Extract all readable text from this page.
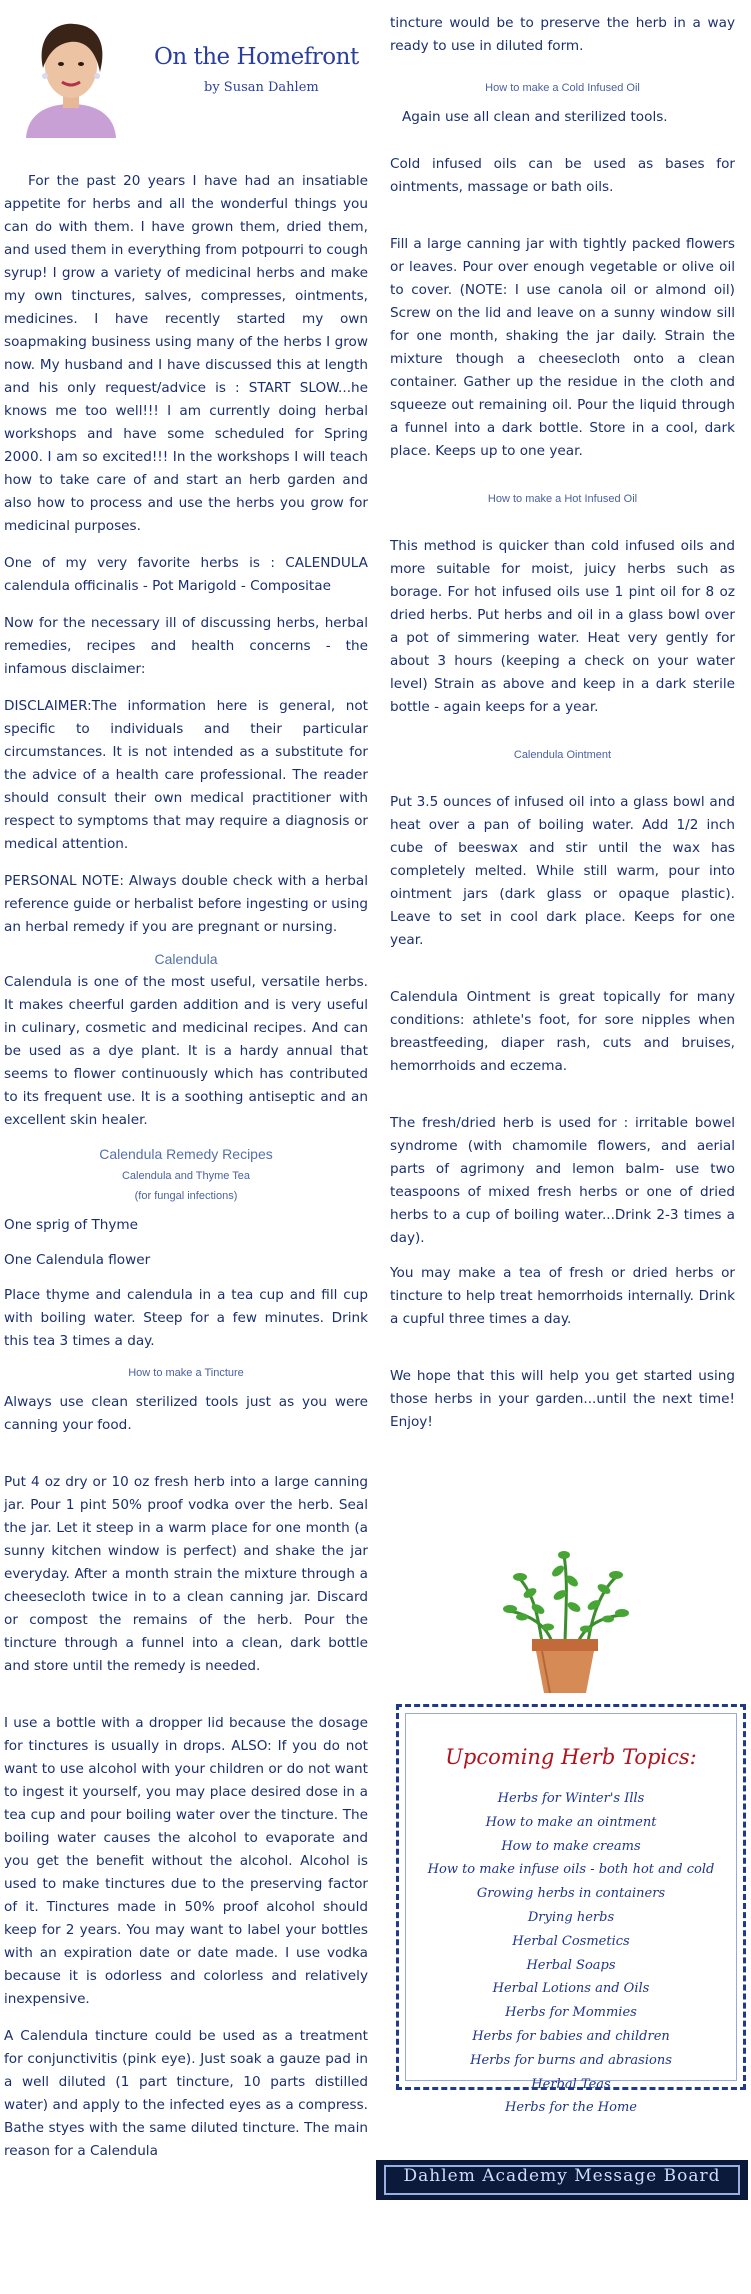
On the Homefront
by Susan Dahlem

For the past 20 years I have had an insatiable appetite for herbs and all the wonderful things you can do with them. I have grown them, dried them, and used them in everything from potpourri to cough syrup! I grow a variety of medicinal herbs and make my own tinctures, salves, compresses, ointments, medicines. I have recently started my own soapmaking business using many of the herbs I grow now. My husband and I have discussed this at length and his only request/advice is : START SLOW...he knows me too well!!! I am currently doing herbal workshops and have some scheduled for Spring 2000. I am so excited!!! In the workshops I will teach how to take care of and start an herb garden and also how to process and use the herbs you grow for medicinal purposes.

One of my very favorite herbs is : CALENDULA calendula officinalis - Pot Marigold - Compositae

Now for the necessary ill of discussing herbs, herbal remedies, recipes and health concerns - the infamous disclaimer:

DISCLAIMER:The information here is general, not specific to individuals and their particular circumstances. It is not intended as a substitute for the advice of a health care professional. The reader should consult their own medical practitioner with respect to symptoms that may require a diagnosis or medical attention.

PERSONAL NOTE: Always double check with a herbal reference guide or herbalist before ingesting or using an herbal remedy if you are pregnant or nursing.

Calendula

Calendula is one of the most useful, versatile herbs. It makes cheerful garden addition and is very useful in culinary, cosmetic and medicinal recipes. And can be used as a dye plant. It is a hardy annual that seems to flower continuously which has contributed to its frequent use. It is a soothing antiseptic and an excellent skin healer.

Calendula Remedy Recipes
Calendula and Thyme Tea
(for fungal infections)

One sprig of Thyme

One Calendula flower

Place thyme and calendula in a tea cup and fill cup with boiling water. Steep for a few minutes. Drink this tea 3 times a day.

How to make a Tincture

Always use clean sterilized tools just as you were canning your food.

Put 4 oz dry or 10 oz fresh herb into a large canning jar. Pour 1 pint 50% proof vodka over the herb. Seal the jar. Let it steep in a warm place for one month (a sunny kitchen window is perfect) and shake the jar everyday. After a month strain the mixture through a cheesecloth twice in to a clean canning jar. Discard or compost the remains of the herb. Pour the tincture through a funnel into a clean, dark bottle and store until the remedy is needed.

I use a bottle with a dropper lid because the dosage for tinctures is usually in drops. ALSO: If you do not want to use alcohol with your children or do not want to ingest it yourself, you may place desired dose in a tea cup and pour boiling water over the tincture. The boiling water causes the alcohol to evaporate and you get the benefit without the alcohol. Alcohol is used to make tinctures due to the preserving factor of it. Tinctures made in 50% proof alcohol should keep for 2 years. You may want to label your bottles with an expiration date or date made. I use vodka because it is odorless and colorless and relatively inexpensive.

A Calendula tincture could be used as a treatment for conjunctivitis (pink eye). Just soak a gauze pad in a well diluted (1 part tincture, 10 parts distilled water) and apply to the infected eyes as a compress. Bathe styes with the same diluted tincture. The main reason for a Calendula

tincture would be to preserve the herb in a way ready to use in diluted form.

How to make a Cold Infused Oil

Again use all clean and sterilized tools.

Cold infused oils can be used as bases for ointments, massage or bath oils.

Fill a large canning jar with tightly packed flowers or leaves. Pour over enough vegetable or olive oil to cover. (NOTE: I use canola oil or almond oil) Screw on the lid and leave on a sunny window sill for one month, shaking the jar daily. Strain the mixture though a cheesecloth onto a clean container. Gather up the residue in the cloth and squeeze out remaining oil. Pour the liquid through a funnel into a dark bottle. Store in a cool, dark place. Keeps up to one year.

How to make a Hot Infused Oil

This method is quicker than cold infused oils and more suitable for moist, juicy herbs such as borage. For hot infused oils use 1 pint oil for 8 oz dried herbs. Put herbs and oil in a glass bowl over a pot of simmering water. Heat very gently for about 3 hours (keeping a check on your water level) Strain as above and keep in a dark sterile bottle - again keeps for a year.

Calendula Ointment

Put 3.5 ounces of infused oil into a glass bowl and heat over a pan of boiling water. Add 1/2 inch cube of beeswax and stir until the wax has completely melted. While still warm, pour into ointment jars (dark glass or opaque plastic). Leave to set in cool dark place. Keeps for one year.

Calendula Ointment is great topically for many conditions: athlete's foot, for sore nipples when breastfeeding, diaper rash, cuts and bruises, hemorrhoids and eczema.

The fresh/dried herb is used for : irritable bowel syndrome (with chamomile flowers, and aerial parts of agrimony and lemon balm- use two teaspoons of mixed fresh herbs or one of dried herbs to a cup of boiling water...Drink 2-3 times a day).

You may make a tea of fresh or dried herbs or tincture to help treat hemorrhoids internally. Drink a cupful three times a day.

We hope that this will help you get started using those herbs in your garden...until the next time! Enjoy!

Upcoming Herb Topics:
Herbs for Winter's Ills
How to make an ointment
How to make creams
How to make infuse oils - both hot and cold
Growing herbs in containers
Drying herbs
Herbal Cosmetics
Herbal Soaps
Herbal Lotions and Oils
Herbs for Mommies
Herbs for babies and children
Herbs for burns and abrasions
Herbal Teas
Herbs for the Home
Dahlem Academy Message Board
